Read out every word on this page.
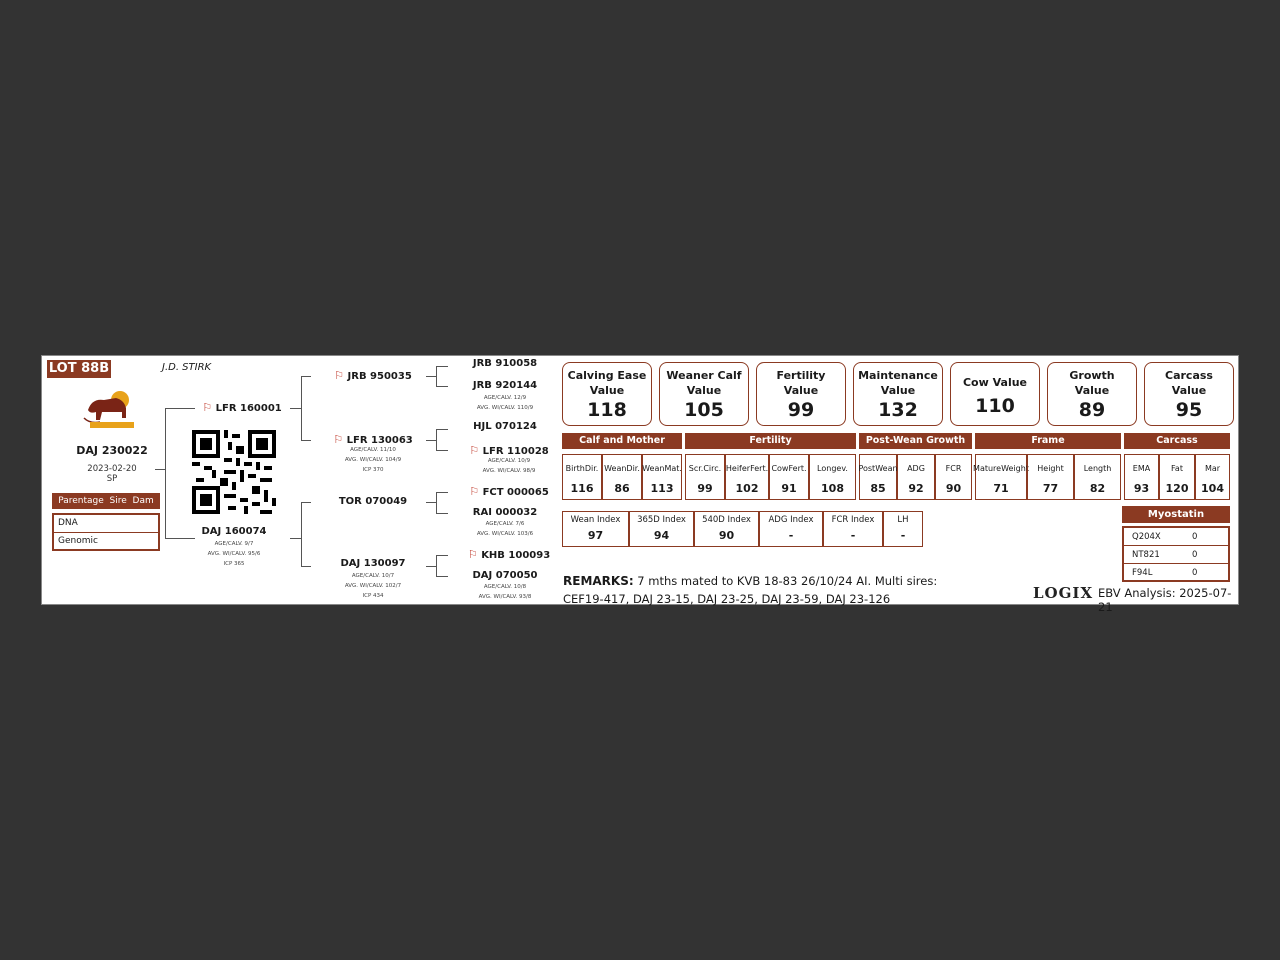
LOT 88B	J.D. STIRK
DAJ 230022
2023-02-20
SP
Parentage Sire Dam
DNA
Genomic
⚐ LFR 160001
DAJ 160074
AGE/CALV. 9/7
AVG. WI/CALV. 95/6
ICP 365
⚐ JRB 950035
⚐ LFR 130063
AGE/CALV. 11/10
AVG. WI/CALV. 104/9
ICP 370
TOR 070049
DAJ 130097
AGE/CALV. 10/7
AVG. WI/CALV. 102/7
ICP 434
JRB 910058
JRB 920144
AGE/CALV. 12/9
AVG. WI/CALV. 110/9
HJL 070124
⚐ LFR 110028
AGE/CALV. 10/9
AVG. WI/CALV. 98/9
⚐ FCT 000065
RAI 000032
AGE/CALV. 7/6
AVG. WI/CALV. 103/6
⚐ KHB 100093
DAJ 070050
AGE/CALV. 10/8
AVG. WI/CALV. 93/8
Calving Ease
Value
118
Weaner Calf
Value
105
Fertility
Value
99
Maintenance
Value
132
Cow Value
110
Growth
Value
89
Carcass
Value
95
Calf and Mother	Fertility	Post-Wean Growth	Frame	Carcass
Birth Dir.
116
Wean Dir.
86
Wean Mat.
113
Scr. Circ.
99
Heifer Fert.
102
Cow Fert.
91
Longev.
108
Post Wean
85
ADG
92
FCR
90
Mature Weight
71
Height
77
Length
82
EMA
93
Fat
120
Mar
104
Wean Index
97
365D Index
94
540D Index
90
ADG Index
-
FCR Index
-
LH
-
Myostatin
Q204X	0
NT821	0
F94L	0
REMARKS: 7 mths mated to KVB 18-83 26/10/24 AI. Multi sires:
CEF19-417, DAJ 23-15, DAJ 23-25, DAJ 23-59, DAJ 23-126	LOGIX EBV Analysis: 2025-07-21
